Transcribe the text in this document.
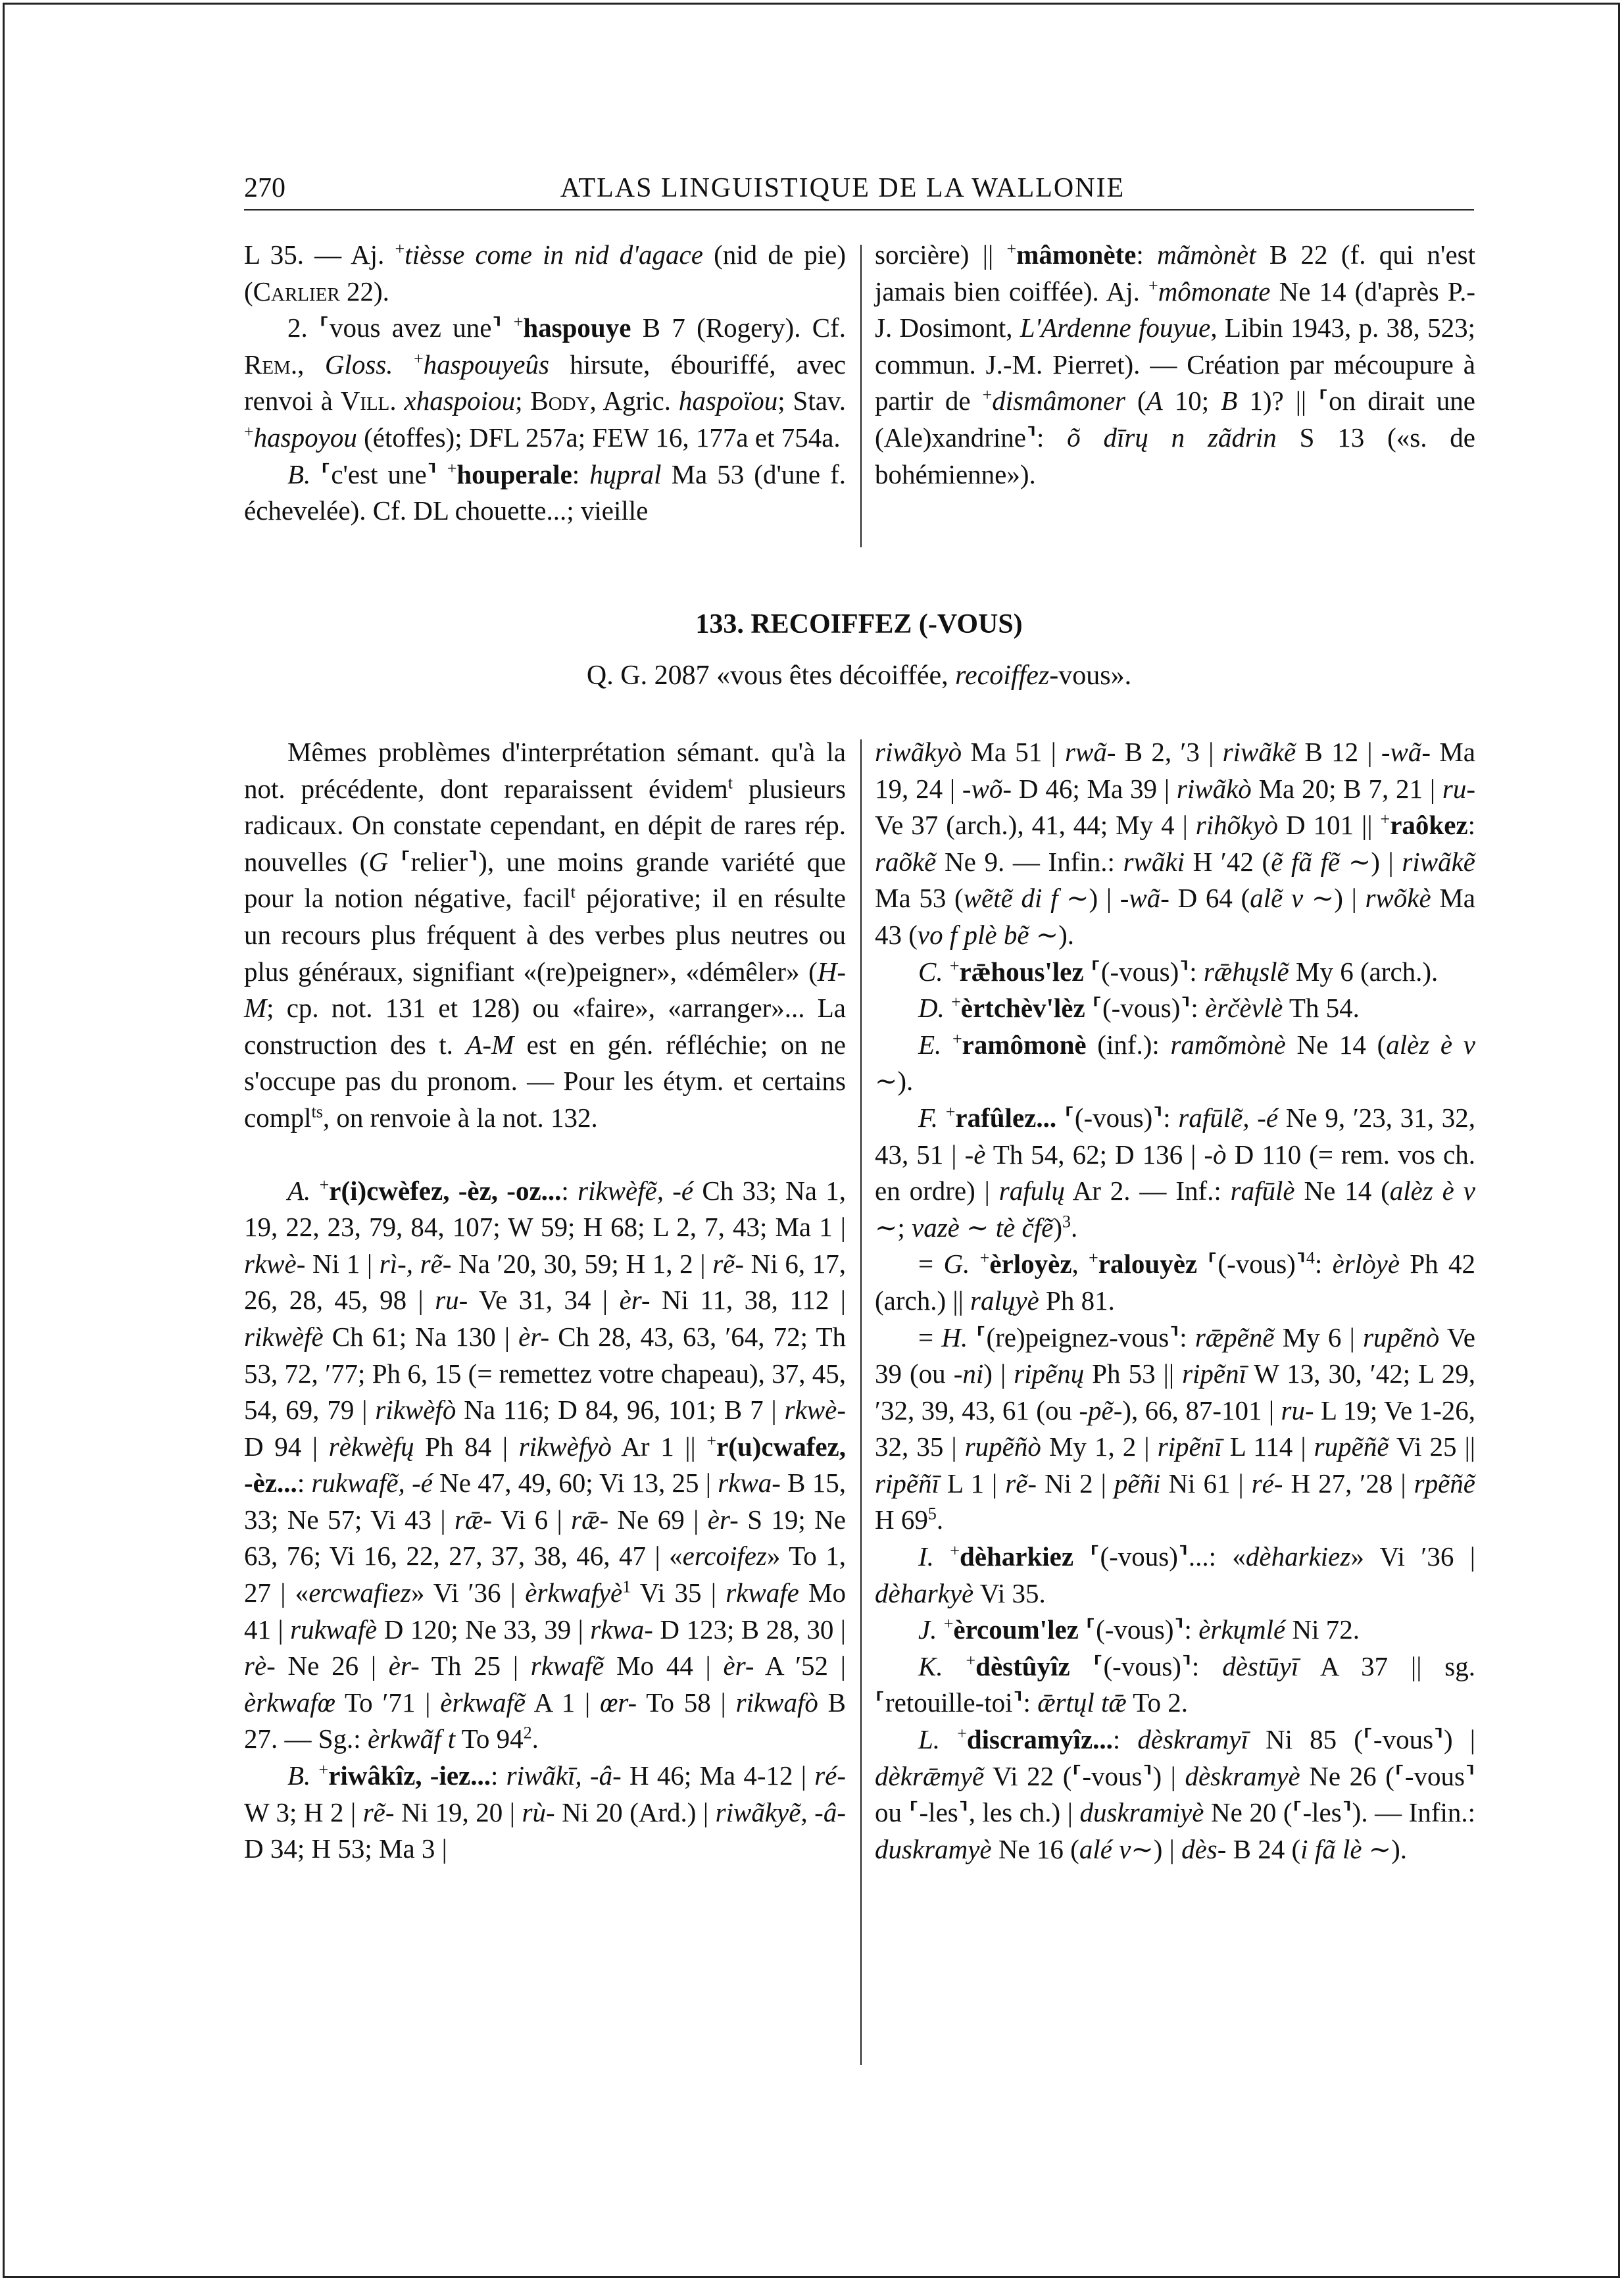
270	ATLAS LINGUISTIQUE DE LA WALLONIE

L 35. — Aj. +tièsse come in nid d'agace (nid de pie) (Carlier 22).

2. ⸢vous avez une⸣ +haspouye B 7 (Rogery). Cf. Rem., Gloss. +haspouyeûs hirsute, ébouriffé, avec renvoi à Vill. xhaspoiou; Body, Agric. haspoïou; Stav. +haspoyou (étoffes); DFL 257a; FEW 16, 177a et 754a.

B. ⸢c'est une⸣ +houperale: hųpral Ma 53 (d'une f. échevelée). Cf. DL chouette...; vieille

sorcière) || +mâmonète: mãmònèt B 22 (f. qui n'est jamais bien coiffée). Aj. +mômonate Ne 14 (d'après P.-J. Dosimont, L'Ardenne fouyue, Libin 1943, p. 38, 523; commun. J.-M. Pierret). — Création par mécoupure à partir de +dismâmoner (A 10; B 1)? || ⸢on dirait une (Ale)xandrine⸣: õ dīrų n zãdrin S 13 («s. de bohémienne»).

133. RECOIFFEZ (-VOUS)
Q. G. 2087 «vous êtes décoiffée, recoiffez-vous».

Mêmes problèmes d'interprétation sémant. qu'à la not. précédente, dont reparaissent évidem$^t$ plusieurs radicaux. On constate cependant, en dépit de rares rép. nouvelles (G ⸢relier⸣), une moins grande variété que pour la notion négative, facil$^t$ péjorative; il en résulte un recours plus fréquent à des verbes plus neutres ou plus généraux, signifiant «(re)peigner», «démêler» (H-M; cp. not. 131 et 128) ou «faire», «arranger»... La construction des t. A-M est en gén. réfléchie; on ne s'occupe pas du pronom. — Pour les étym. et certains compl$^{ts}$, on renvoie à la not. 132.

A. +r(i)cwèfez, -èz, -oz...: rikwèfẽ, -é Ch 33; Na 1, 19, 22, 23, 79, 84, 107; W 59; H 68; L 2, 7, 43; Ma 1 | rkwè- Ni 1 | rì-, rẽ- Na ′20, 30, 59; H 1, 2 | rẽ- Ni 6, 17, 26, 28, 45, 98 | ru- Ve 31, 34 | èr- Ni 11, 38, 112 | rikwèfè Ch 61; Na 130 | èr- Ch 28, 43, 63, ′64, 72; Th 53, 72, ′77; Ph 6, 15 (= remettez votre chapeau), 37, 45, 54, 69, 79 | rikwèfò Na 116; D 84, 96, 101; B 7 | rkwè- D 94 | rèkwèfų Ph 84 | rikwèfyò Ar 1 || +r(u)cwafez, -èz...: rukwafẽ, -é Ne 47, 49, 60; Vi 13, 25 | rkwa- B 15, 33; Ne 57; Vi 43 | rǣ- Vi 6 | rǣ- Ne 69 | èr- S 19; Ne 63, 76; Vi 16, 22, 27, 37, 38, 46, 47 | «ercoifez» To 1, 27 | «ercwafiez» Vi ′36 | èrkwafyè$^1$ Vi 35 | rkwafe Mo 41 | rukwafè D 120; Ne 33, 39 | rkwa- D 123; B 28, 30 | rè- Ne 26 | èr- Th 25 | rkwafẽ Mo 44 | èr- A ′52 | èrkwafœ To ′71 | èrkwafẽ A 1 | œr- To 58 | rikwafò B 27. — Sg.: èrkwãf t To $94^2$.

B. +riwâkîz, -iez...: riwãkī, -â- H 46; Ma 4-12 | ré- W 3; H 2 | rẽ- Ni 19, 20 | rù- Ni 20 (Ard.) | riwãkyẽ, -â- D 34; H 53; Ma 3 |

riwãkyò Ma 51 | rwã- B 2, ′3 | riwãkẽ B 12 | -wã- Ma 19, 24 | -wõ- D 46; Ma 39 | riwãkò Ma 20; B 7, 21 | ru- Ve 37 (arch.), 41, 44; My 4 | rihõkyò D 101 || +raôkez: raõkẽ Ne 9. — Infin.: rwãki H ′42 (ẽ fã fẽ ∼) | riwãkẽ Ma 53 (wẽtẽ di f ∼) | -wã- D 64 (alẽ v ∼) | rwõkè Ma 43 (vo f plè bẽ ∼).

C. +rǣhous'lez ⸢(-vous)⸣: rǣhųslẽ My 6 (arch.).

D. +èrtchèv'lèz ⸢(-vous)⸣: èrčèvlè Th 54.

E. +ramômonè (inf.): ramõmònè Ne 14 (alèz è v ∼).

F. +rafûlez... ⸢(-vous)⸣: rafūlẽ, -é Ne 9, ′23, 31, 32, 43, 51 | -è Th 54, 62; D 136 | -ò D 110 (= rem. vos ch. en ordre) | rafulų Ar 2. — Inf.: rafūlè Ne 14 (alèz è v ∼; vazè ∼ tè čfẽ)$^3$.

= G. +èrloyèz, +ralouyèz ⸢(-vous)⸣$^4$: èrlòyè Ph 42 (arch.) || ralųyè Ph 81.

= H. ⸢(re)peignez-vous⸣: rǣpẽnẽ My 6 | rupẽnò Ve 39 (ou -ni) | ripẽnų Ph 53 || ripẽnī W 13, 30, ′42; L 29, ′32, 39, 43, 61 (ou -pẽ-), 66, 87-101 | ru- L 19; Ve 1-26, 32, 35 | rupẽñò My 1, 2 | ripẽnī L 114 | rupẽñẽ Vi 25 || ripẽñī L 1 | rẽ- Ni 2 | pẽñi Ni 61 | ré- H 27, ′28 | rpẽñẽ H $69^5$.

I. +dèharkiez ⸢(-vous)⸣...: «dèharkiez» Vi ′36 | dèharkyè Vi 35.

J. +èrcoum'lez ⸢(-vous)⸣: èrkųmlé Ni 72.

K. +dèstûyîz ⸢(-vous)⸣: dèstūyī A 37 || sg. ⸢retouille-toi⸣: ǣrtųl tǣ To 2.

L. +discramyîz...: dèskramyī Ni 85 (⸢-vous⸣) | dèkrǣmyẽ Vi 22 (⸢-vous⸣) | dèskramyè Ne 26 (⸢-vous⸣ ou ⸢-les⸣, les ch.) | duskramiyè Ne 20 (⸢-les⸣). — Infin.: duskramyè Ne 16 (alé v∼) | dès- B 24 (i fã lè ∼).
